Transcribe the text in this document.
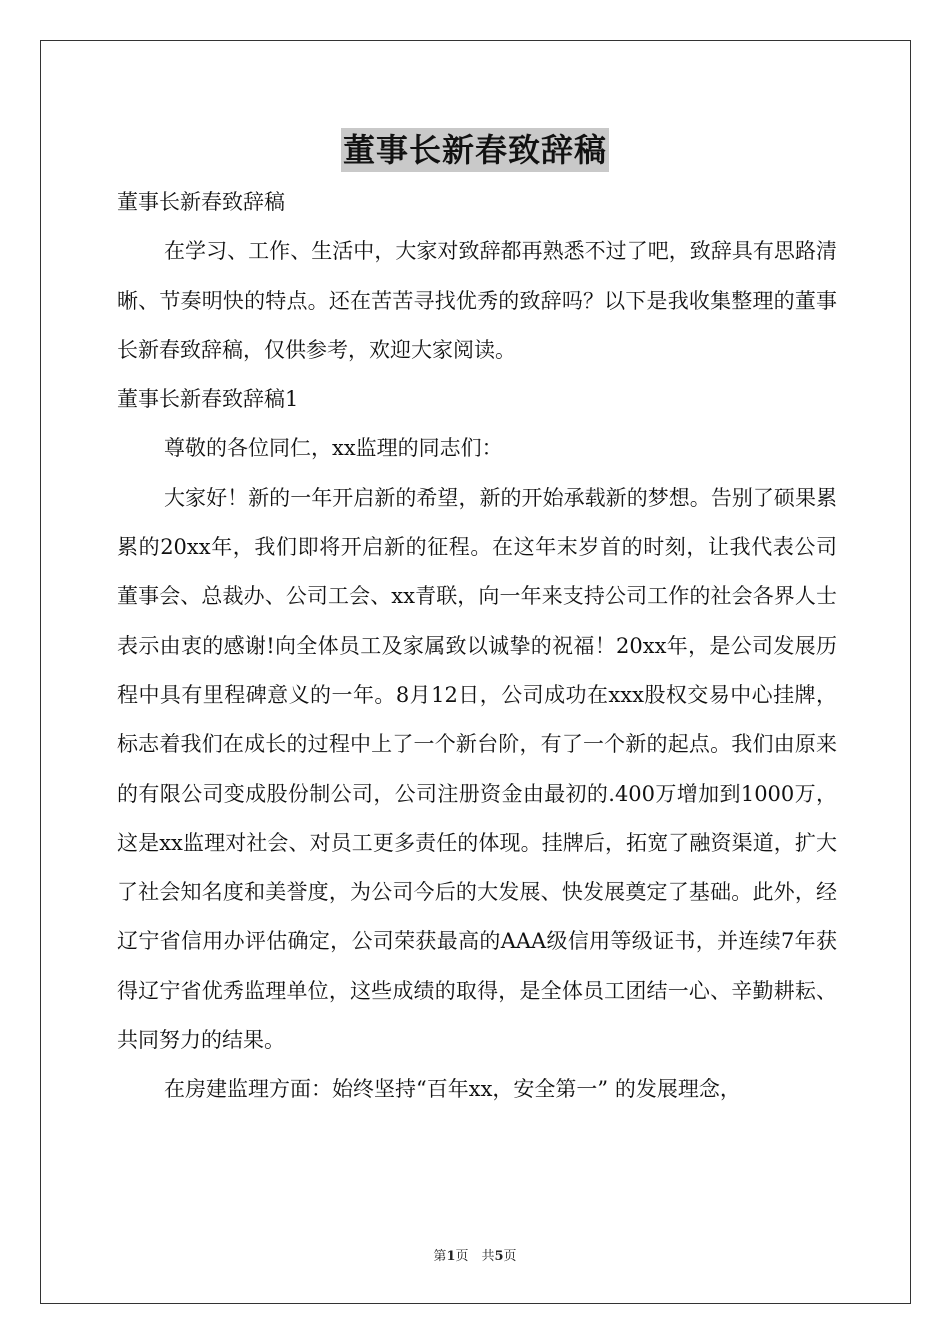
董事长新春致辞稿

董事长新春致辞稿

在学习、工作、生活中，大家对致辞都再熟悉不过了吧，致辞具有思路清晰、节奏明快的特点。还在苦苦寻找优秀的致辞吗？以下是我收集整理的董事长新春致辞稿，仅供参考，欢迎大家阅读。

董事长新春致辞稿1

尊敬的各位同仁，xx监理的同志们：

大家好！新的一年开启新的希望，新的开始承载新的梦想。告别了硕果累累的20xx年，我们即将开启新的征程。在这年末岁首的时刻，让我代表公司董事会、总裁办、公司工会、xx青联，向一年来支持公司工作的社会各界人士表示由衷的感谢!向全体员工及家属致以诚挚的祝福！20xx年，是公司发展历程中具有里程碑意义的一年。8月12日，公司成功在xxx股权交易中心挂牌，标志着我们在成长的过程中上了一个新台阶，有了一个新的起点。我们由原来的有限公司变成股份制公司，公司注册资金由最初的.400万增加到1000万，这是xx监理对社会、对员工更多责任的体现。挂牌后，拓宽了融资渠道，扩大了社会知名度和美誉度，为公司今后的大发展、快发展奠定了基础。此外，经辽宁省信用办评估确定，公司荣获最高的AAA级信用等级证书，并连续7年获得辽宁省优秀监理单位，这些成绩的取得，是全体员工团结一心、辛勤耕耘、共同努力的结果。

在房建监理方面：始终坚持“百年xx，安全第一” 的发展理念，

第1页　共5页
